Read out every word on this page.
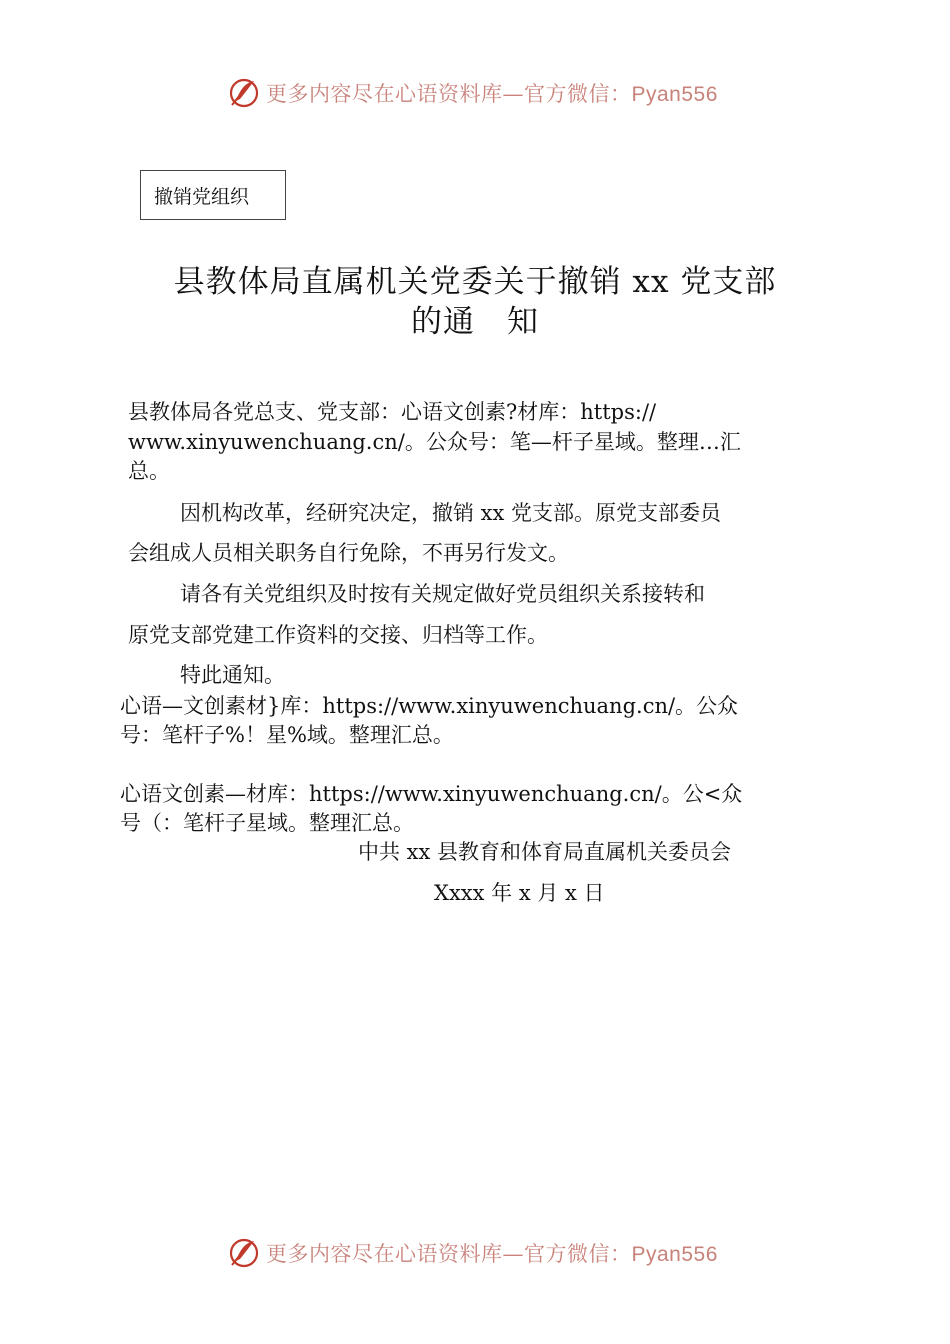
更多内容尽在心语资料库—官方微信：Pyan556
撤销党组织
县教体局直属机关党委关于撤销 xx 党支部
的通　知
县教体局各党总支、党支部：心语文创素?材库：https://
www.xinyuwenchuang.cn/。公众号：笔—杆子星域。整理…汇
总。
因机构改革，经研究决定，撤销 xx 党支部。原党支部委员
会组成人员相关职务自行免除，不再另行发文。
请各有关党组织及时按有关规定做好党员组织关系接转和
原党支部党建工作资料的交接、归档等工作。
特此通知。
心语—文创素材}库：https://www.xinyuwenchuang.cn/。公众
号：笔杆子%！星%域。整理汇总。
心语文创素—材库：https://www.xinyuwenchuang.cn/。公<众
号（：笔杆子星域。整理汇总。
中共 xx 县教育和体育局直属机关委员会
Xxxx 年 x 月 x 日
更多内容尽在心语资料库—官方微信：Pyan556
